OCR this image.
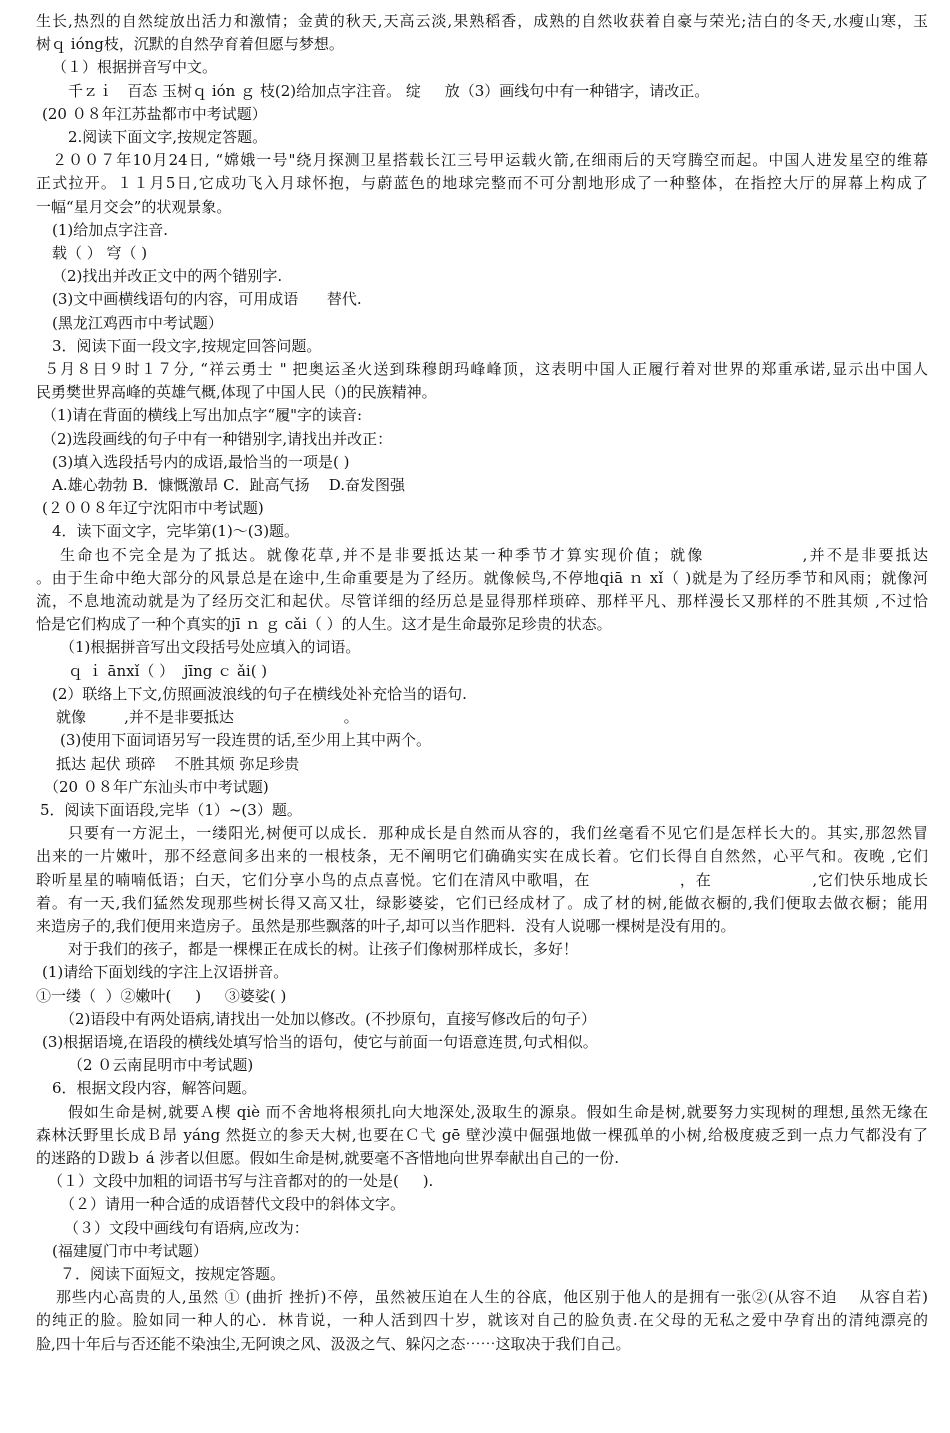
生长,热烈的自然绽放出活力和激情；金黄的秋天,天高云淡,果熟稻香，成熟的自然收获着自豪与荣光;洁白的冬天,水瘦山寒，玉

树ｑ ióng枝，沉默的自然孕育着但愿与梦想。

（１）根据拼音写中文。

千ｚｉ   百态 玉树ｑ ión ｇ 枝(2)给加点字注音。 绽     放（3）画线句中有一种错字，请改正。

(20 ０８年江苏盐都市中考试题）

2.阅读下面文字,按规定答题。

２００７年10月24日, “嫦娥一号"绕月探测卫星搭载长江三号甲运载火箭,在细雨后的天穹腾空而起。中国人进发星空的维幕

正式拉开。１１月5日,它成功飞入月球怀抱，与蔚蓝色的地球完整而不可分割地形成了一种整体，在指控大厅的屏幕上构成了

一幅“星月交会”的状观景象。

(1)给加点字注音.

载（ ） 穹（ )

（2)找出并改正文中的两个错别字.

(3)文中画横线语句的内容，可用成语      替代.

(黑龙江鸡西市中考试题）

3．阅读下面一段文字,按规定回答问题。

５月８日９时１７分, “祥云勇士 " 把奥运圣火送到珠穆朗玛峰峰顶，这表明中国人正履行着对世界的郑重承诺,显示出中国人

民勇樊世界高峰的英雄气概,体现了中国人民（)的民族精神。

（1)请在背面的横线上写出加点字“履"字的读音:

（2)选段画线的句子中有一种错别字,请找出并改正：

(3)填入选段括号内的成语,最恰当的一项是( )

A.雄心勃勃 B．慷慨激昂 C．趾高气扬    D.奋发图强

(２００８年辽宁沈阳市中考试题)

4．读下面文字，完毕第(1)～(3)题。

生命也不完全是为了抵达。就像花草,并不是非要抵达某一种季节才算实现价值；就像              ,并不是非要抵达

。由于生命中绝大部分的风景总是在途中,生命重要是为了经历。就像候鸟,不停地qiā ｎ xǐ（ )就是为了经历季节和风雨；就像河

流，不息地流动就是为了经历交汇和起伏。尽管详细的经历总是显得那样琐碎、那样平凡、那样漫长又那样的不胜其烦 ,不过恰

恰是它们构成了一种个真实的jī ｎ ｇ cǎi（ ）的人生。这才是生命最弥足珍贵的状态。

（1)根据拼音写出文段括号处应填入的词语。

ｑ ｉ ānxǐ（ ）  jīng ｃ ǎi( )

(2）联络上下文,仿照画波浪线的句子在横线处补充恰当的语句.

就像        ,并不是非要抵达                       。

(3)使用下面词语另写一段连贯的话,至少用上其中两个。

抵达 起伏 琐碎    不胜其烦 弥足珍贵

（20 ０８年广东汕头市中考试题)

5．阅读下面语段,完毕（1）~(3）题。

只要有一方泥土，一缕阳光,树便可以成长．那种成长是自然而从容的，我们丝毫看不见它们是怎样长大的。其实,那忽然冒

出来的一片嫩叶，那不经意间多出来的一根枝条，无不阐明它们确确实实在成长着。它们长得自自然然，心平气和。夜晚 ,它们

聆听星星的喃喃低语；白天，它们分享小鸟的点点喜悦。它们在清风中歌唱，在                ，在                  ,它们快乐地成长

着。有一天,我们猛然发现那些树长得又高又壮，绿影婆娑，它们已经成材了。成了材的树,能做衣橱的,我们便取去做衣橱；能用

来造房子的,我们便用来造房子。虽然是那些飘落的叶子,却可以当作肥料．没有人说哪一棵树是没有用的。

对于我们的孩子，都是一棵棵正在成长的树。让孩子们像树那样成长，多好！

(1)请给下面划线的字注上汉语拼音。

①一缕（  ）②嫩叶(     )     ③婆娑( )

（2)语段中有两处语病,请找出一处加以修改。(不抄原句，直接写修改后的句子）

(3)根据语境,在语段的横线处填写恰当的语句，使它与前面一句语意连贯,句式相似。

（2 ０云南昆明市中考试题)

6．根据文段内容，解答问题。

假如生命是树,就要Ａ楔 qiè 而不舍地将根须扎向大地深处,汲取生的源泉。假如生命是树,就要努力实现树的理想,虽然无缘在

森林沃野里长成Ｂ昂 yáng 然挺立的参天大树,也要在Ｃ弋 gē 壁沙漠中倔强地做一棵孤单的小树,给极度疲乏到一点力气都没有了

的迷路的Ｄ跋ｂ á 涉者以但愿。假如生命是树,就要毫不吝惜地向世界奉献出自己的一份.

（１）文段中加粗的词语书写与注音都对的的一处是(     ).

（２）请用一种合适的成语替代文段中的斜体文字。

（３）文段中画线句有语病,应改为：

(福建厦门市中考试题）

７．阅读下面短文，按规定答题。

那些内心高贵的人,虽然 ① (曲折 挫折)不停，虽然被压迫在人生的谷底，他区别于他人的是拥有一张②(从容不迫    从容自若)

的纯正的脸。脸如同一种人的心．林肯说，一种人活到四十岁，就该对自己的脸负责.在父母的无私之爱中孕育出的清纯漂亮的

脸,四十年后与否还能不染浊尘,无阿谀之风、汲汲之气、躲闪之态⋯⋯这取决于我们自己。
